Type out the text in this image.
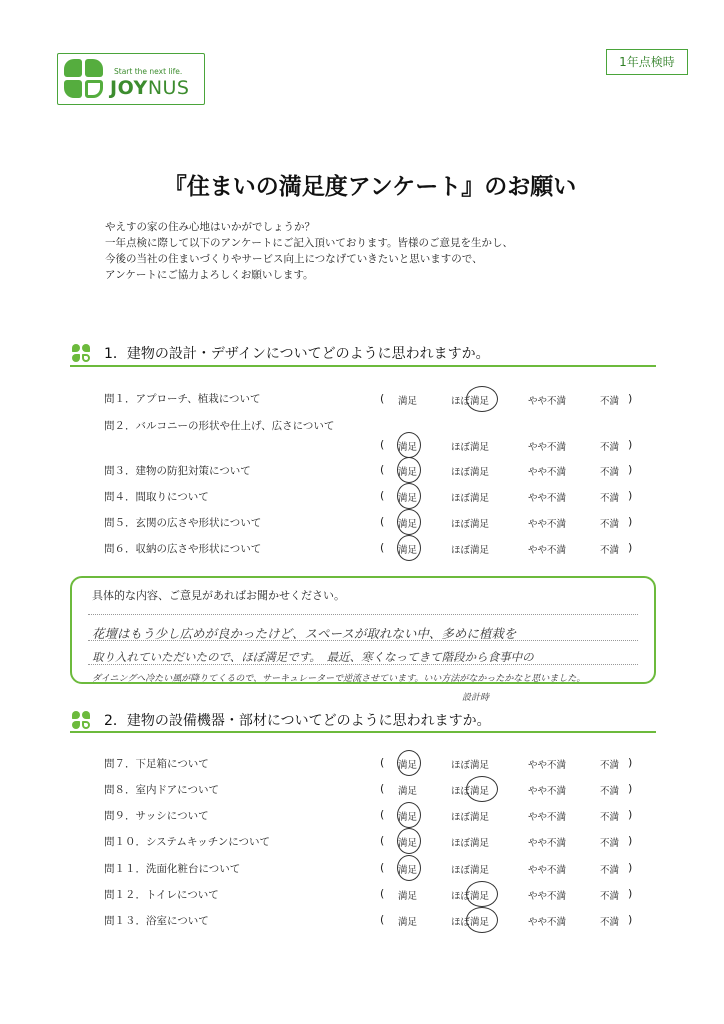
Start the next life.
JOYNUS
1年点検時
『住まいの満足度アンケート』のお願い
やえすの家の住み心地はいかがでしょうか？
一年点検に際して以下のアンケートにご記入頂いております。皆様のご意見を生かし、
今後の当社の住まいづくりやサービス向上につなげていきたいと思いますので、
アンケートにご協力よろしくお願いします。
1．建物の設計・デザインについてどのように思われますか。
問１．アプローチ、植栽について	( 満足	ほぼ満足	やや不満	不満 )
問２．バルコニーの形状や仕上げ、広さについて
( 満足	ほぼ満足	やや不満	不満 )
問３．建物の防犯対策について	( 満足	ほぼ満足	やや不満	不満 )
問４．間取りについて	( 満足	ほぼ満足	やや不満	不満 )
問５．玄関の広さや形状について	( 満足	ほぼ満足	やや不満	不満 )
問６．収納の広さや形状について	( 満足	ほぼ満足	やや不満	不満 )
具体的な内容、ご意見があればお聞かせください。
花壇はもう少し広めが良かったけど、スペースが取れない中、多めに植栽を
取り入れていただいたので、ほぼ満足です。　最近、寒くなってきて階段から食事中の
ダイニングへ冷たい風が降りてくるので、サーキュレーターで逆流させています。いい方法がなかったかなと思いました。
設計時
2．建物の設備機器・部材についてどのように思われますか。
問７．下足箱について	( 満足	ほぼ満足	やや不満	不満 )
問８．室内ドアについて	( 満足	ほぼ満足	やや不満	不満 )
問９．サッシについて	( 満足	ほぼ満足	やや不満	不満 )
問１０．システムキッチンについて	( 満足	ほぼ満足	やや不満	不満 )
問１１．洗面化粧台について	( 満足	ほぼ満足	やや不満	不満 )
問１２．トイレについて	( 満足	ほぼ満足	やや不満	不満 )
問１３．浴室について	( 満足	ほぼ満足	やや不満	不満 )
